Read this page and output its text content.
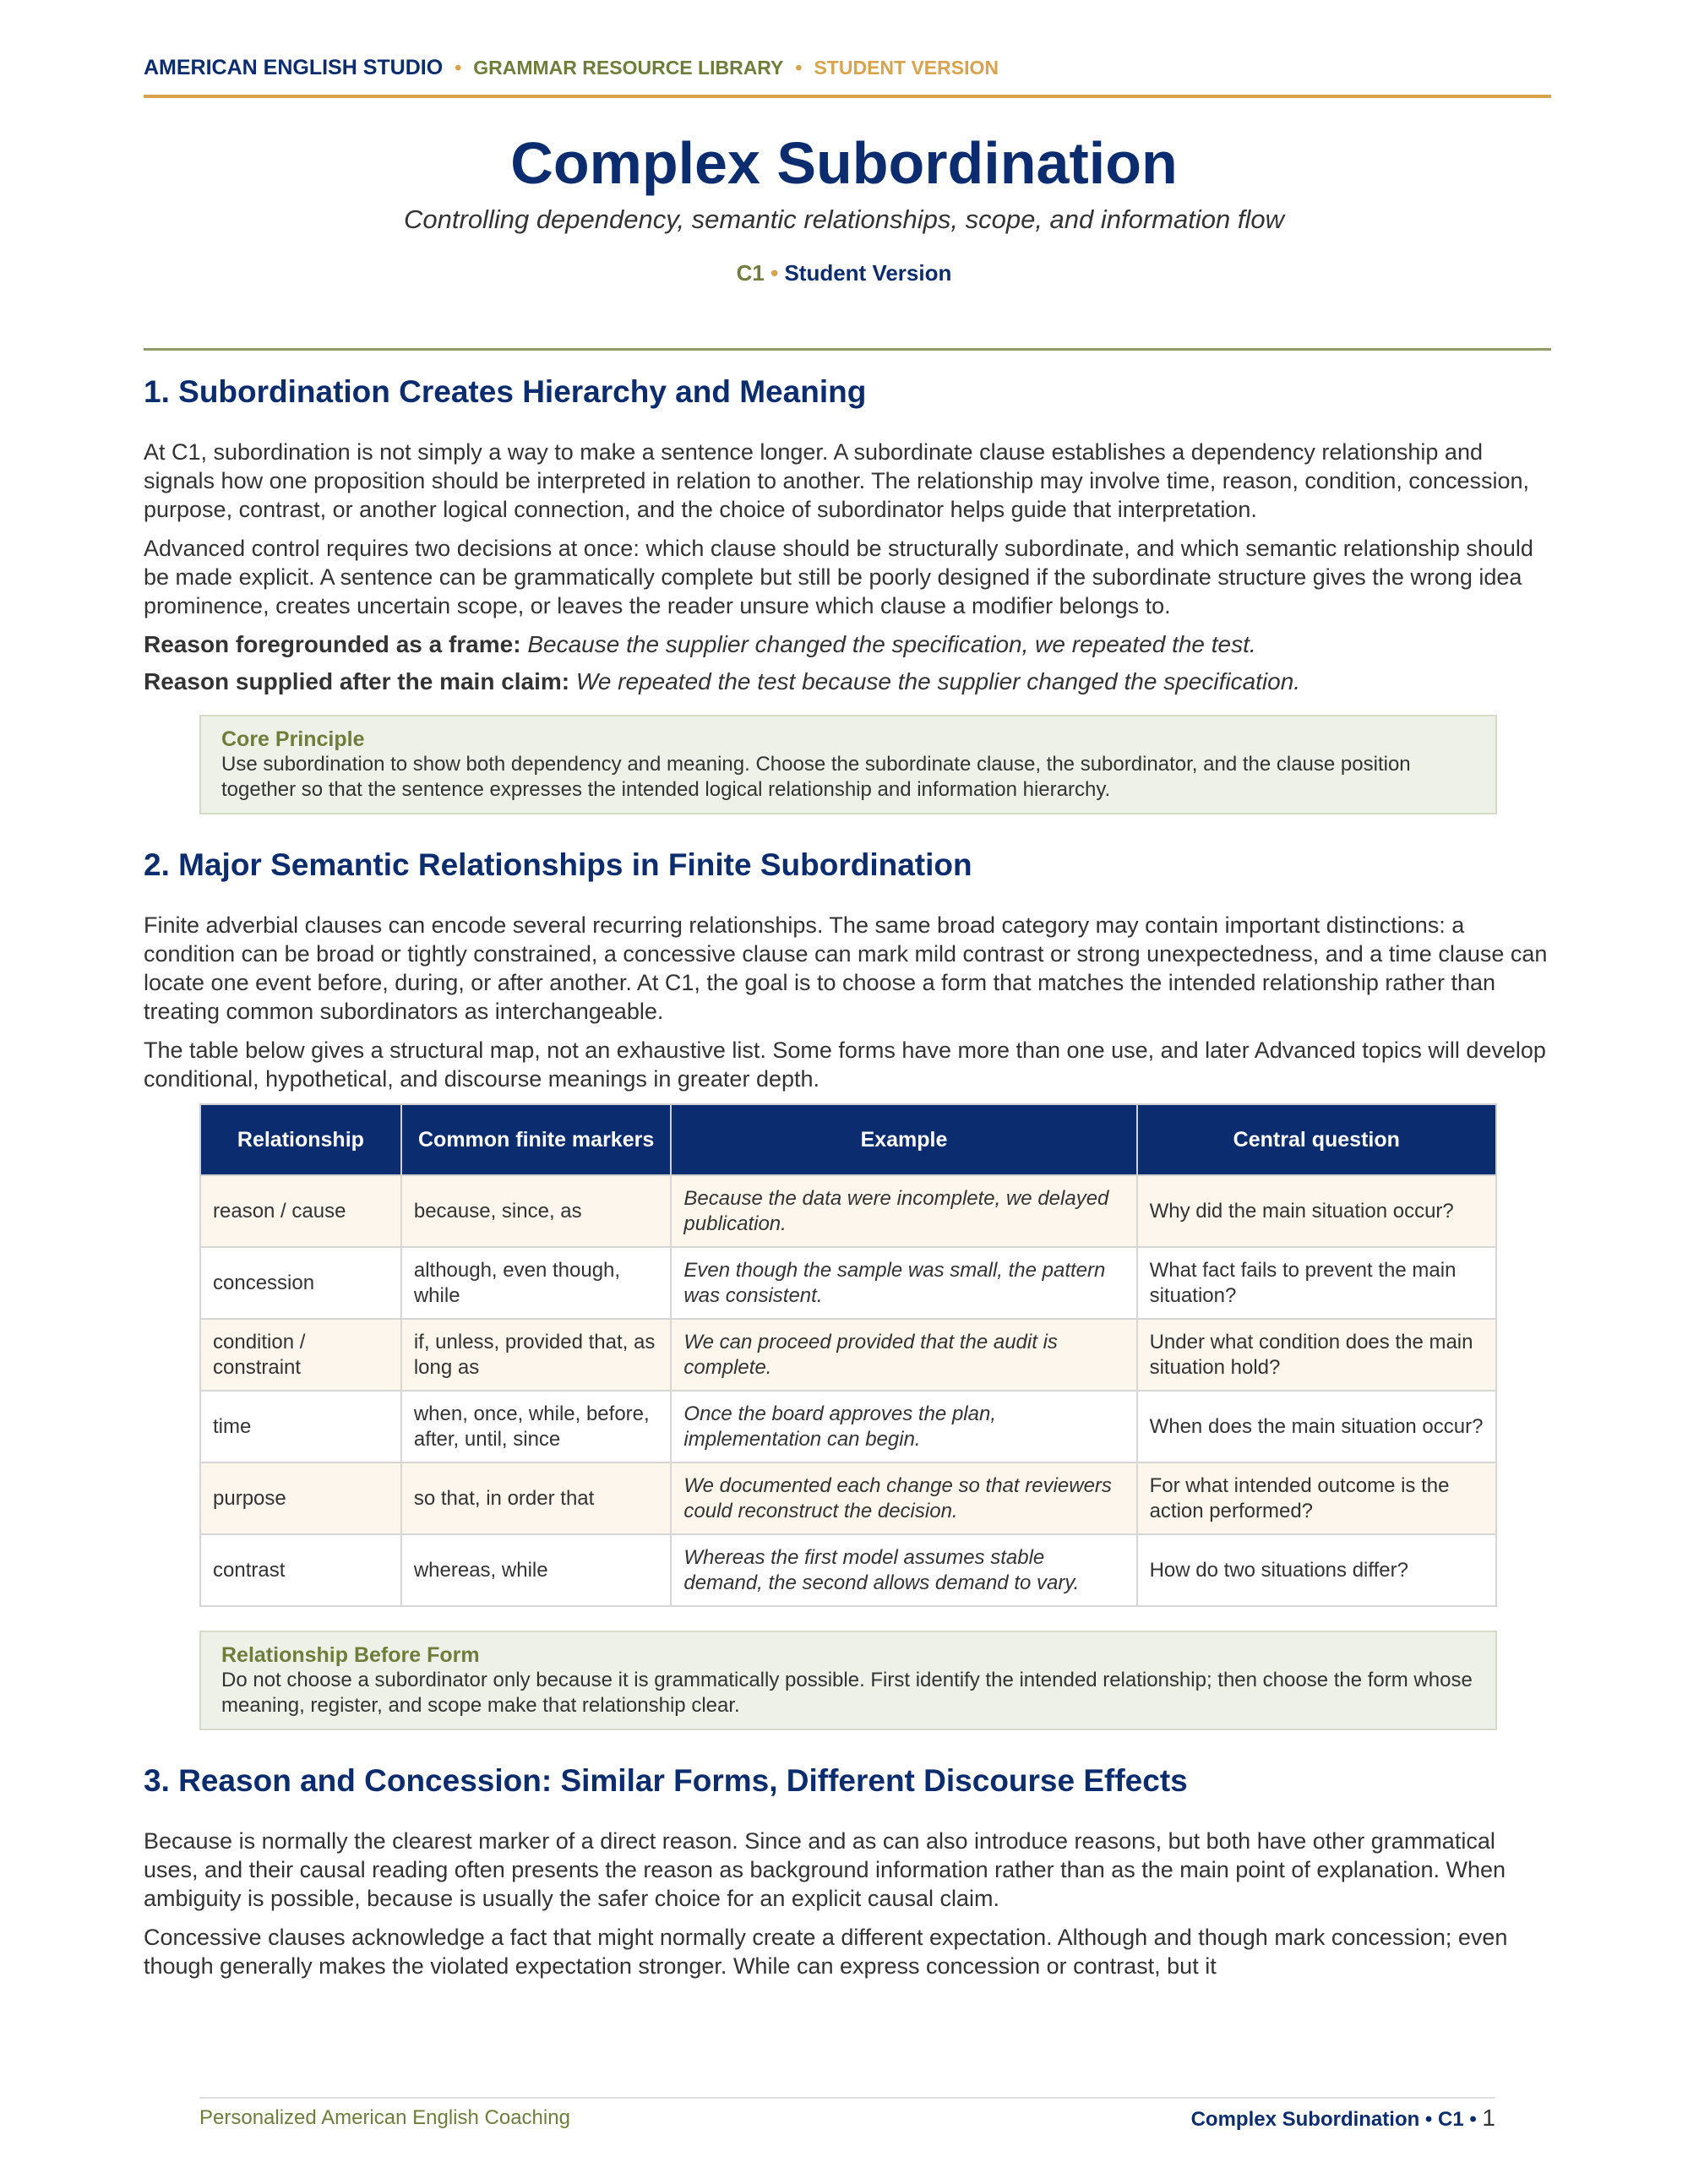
AMERICAN ENGLISH STUDIO • GRAMMAR RESOURCE LIBRARY • STUDENT VERSION
Complex Subordination
Controlling dependency, semantic relationships, scope, and information flow
C1 • Student Version
1. Subordination Creates Hierarchy and Meaning

At C1, subordination is not simply a way to make a sentence longer. A subordinate clause establishes a dependency relationship and signals how one proposition should be interpreted in relation to another. The relationship may involve time, reason, condition, concession, purpose, contrast, or another logical connection, and the choice of subordinator helps guide that interpretation.

Advanced control requires two decisions at once: which clause should be structurally subordinate, and which semantic relationship should be made explicit. A sentence can be grammatically complete but still be poorly designed if the subordinate structure gives the wrong idea prominence, creates uncertain scope, or leaves the reader unsure which clause a modifier belongs to.

Reason foregrounded as a frame: Because the supplier changed the specification, we repeated the test.
Reason supplied after the main claim: We repeated the test because the supplier changed the specification.
Core Principle
Use subordination to show both dependency and meaning. Choose the subordinate clause, the subordinator, and the clause position together so that the sentence expresses the intended logical relationship and information hierarchy.
2. Major Semantic Relationships in Finite Subordination

Finite adverbial clauses can encode several recurring relationships. The same broad category may contain important distinctions: a condition can be broad or tightly constrained, a concessive clause can mark mild contrast or strong unexpectedness, and a time clause can locate one event before, during, or after another. At C1, the goal is to choose a form that matches the intended relationship rather than treating common subordinators as interchangeable.

The table below gives a structural map, not an exhaustive list. Some forms have more than one use, and later Advanced topics will develop conditional, hypothetical, and discourse meanings in greater depth.

Relationship	Common finite markers	Example	Central question
reason / cause	because, since, as	Because the data were incomplete, we delayed publication.	Why did the main situation occur?
concession	although, even though, while	Even though the sample was small, the pattern was consistent.	What fact fails to prevent the main situation?
condition / constraint	if, unless, provided that, as long as	We can proceed provided that the audit is complete.	Under what condition does the main situation hold?
time	when, once, while, before, after, until, since	Once the board approves the plan, implementation can begin.	When does the main situation occur?
purpose	so that, in order that	We documented each change so that reviewers could reconstruct the decision.	For what intended outcome is the action performed?
contrast	whereas, while	Whereas the first model assumes stable demand, the second allows demand to vary.	How do two situations differ?
Relationship Before Form
Do not choose a subordinator only because it is grammatically possible. First identify the intended relationship; then choose the form whose meaning, register, and scope make that relationship clear.
3. Reason and Concession: Similar Forms, Different Discourse Effects

Because is normally the clearest marker of a direct reason. Since and as can also introduce reasons, but both have other grammatical uses, and their causal reading often presents the reason as background information rather than as the main point of explanation. When ambiguity is possible, because is usually the safer choice for an explicit causal claim.

Concessive clauses acknowledge a fact that might normally create a different expectation. Although and though mark concession; even though generally makes the violated expectation stronger. While can express concession or contrast, but it

Personalized American English Coaching	Complex Subordination • C1 • 1
